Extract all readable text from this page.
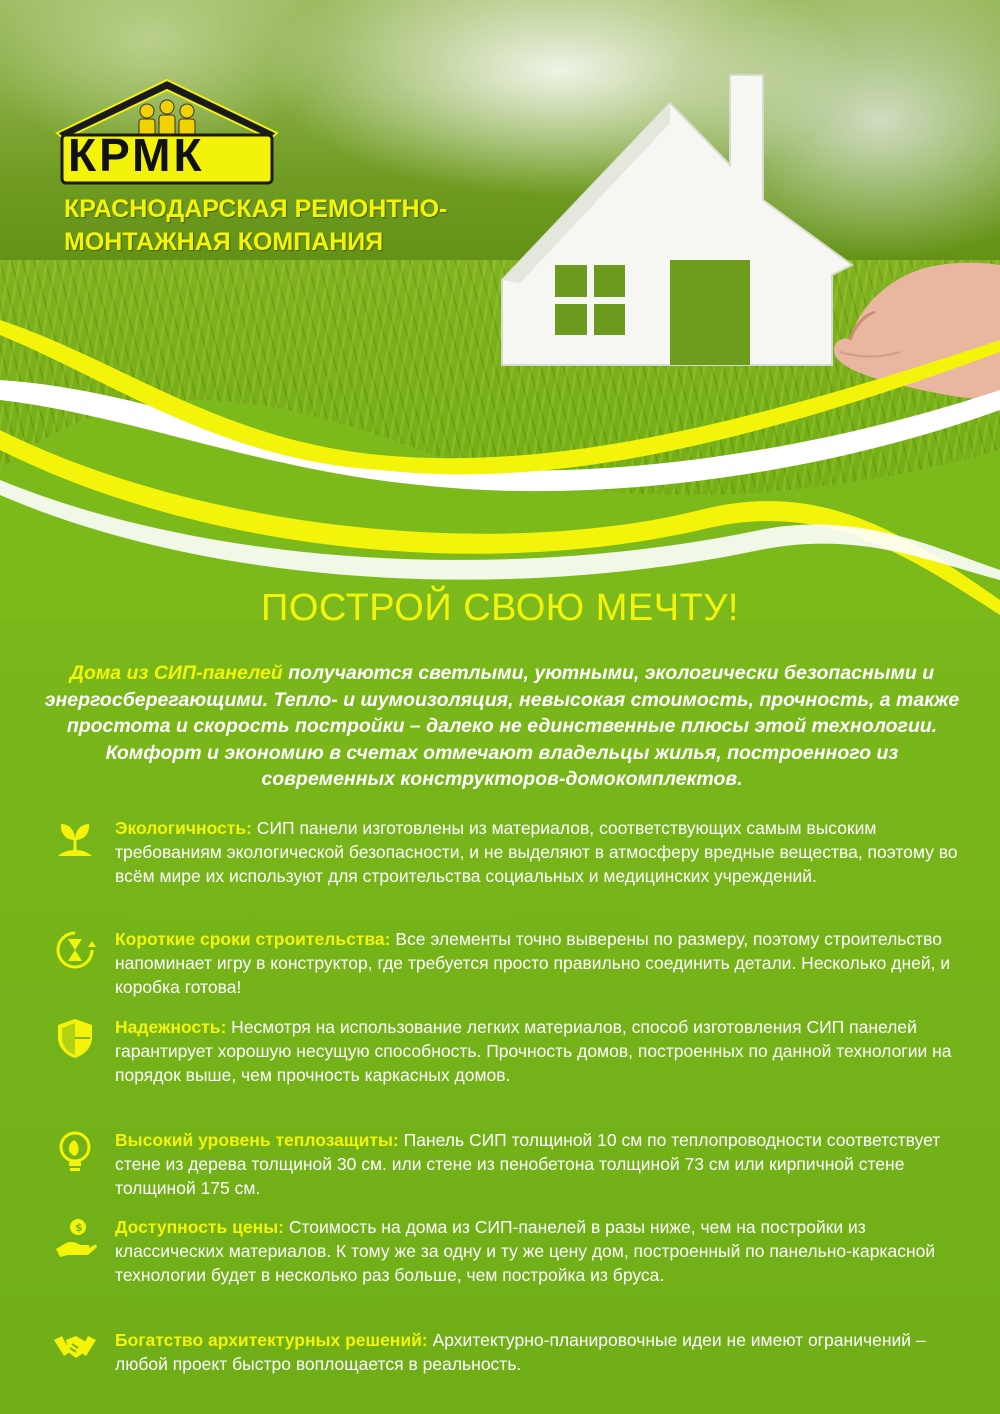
КРМК
КРАСНОДАРСКАЯ РЕМОНТНО-
МОНТАЖНАЯ КОМПАНИЯ
ПОСТРОЙ СВОЮ МЕЧТУ!
Дома из СИП-панелей получаются светлыми, уютными, экологически безопасными и энергосберегающими. Тепло- и шумоизоляция, невысокая стоимость, прочность, а также простота и скорость постройки – далеко не единственные плюсы этой технологии. Комфорт и экономию в счетах отмечают владельцы жилья, построенного из современных конструкторов-домокомплектов.
Экологичность: СИП панели изготовлены из материалов, соответствующих самым высоким требованиям экологической безопасности, и не выделяют в атмосферу вредные вещества, поэтому во всём мире их используют для строительства социальных и медицинских учреждений.
Короткие сроки строительства: Все элементы точно выверены по размеру, поэтому строительство напоминает игру в конструктор, где требуется просто правильно соединить детали. Несколько дней, и коробка готова!
Надежность: Несмотря на использование легких материалов, способ изготовления СИП панелей гарантирует хорошую несущую способность. Прочность домов, построенных по данной технологии на порядок выше, чем прочность каркасных домов.
Высокий уровень теплозащиты: Панель СИП толщиной 10 см по теплопроводности соответствует стене из дерева толщиной 30 см. или стене из пенобетона толщиной 73 см или кирпичной стене толщиной 175 см.
$ Доступность цены: Стоимость на дома из СИП-панелей в разы ниже, чем на постройки из классических материалов. К тому же за одну и ту же цену дом, построенный по панельно-каркасной технологии будет в несколько раз больше, чем постройка из бруса.
Богатство архитектурных решений: Архитектурно-планировочные идеи не имеют ограничений – любой проект быстро воплощается в реальность.
